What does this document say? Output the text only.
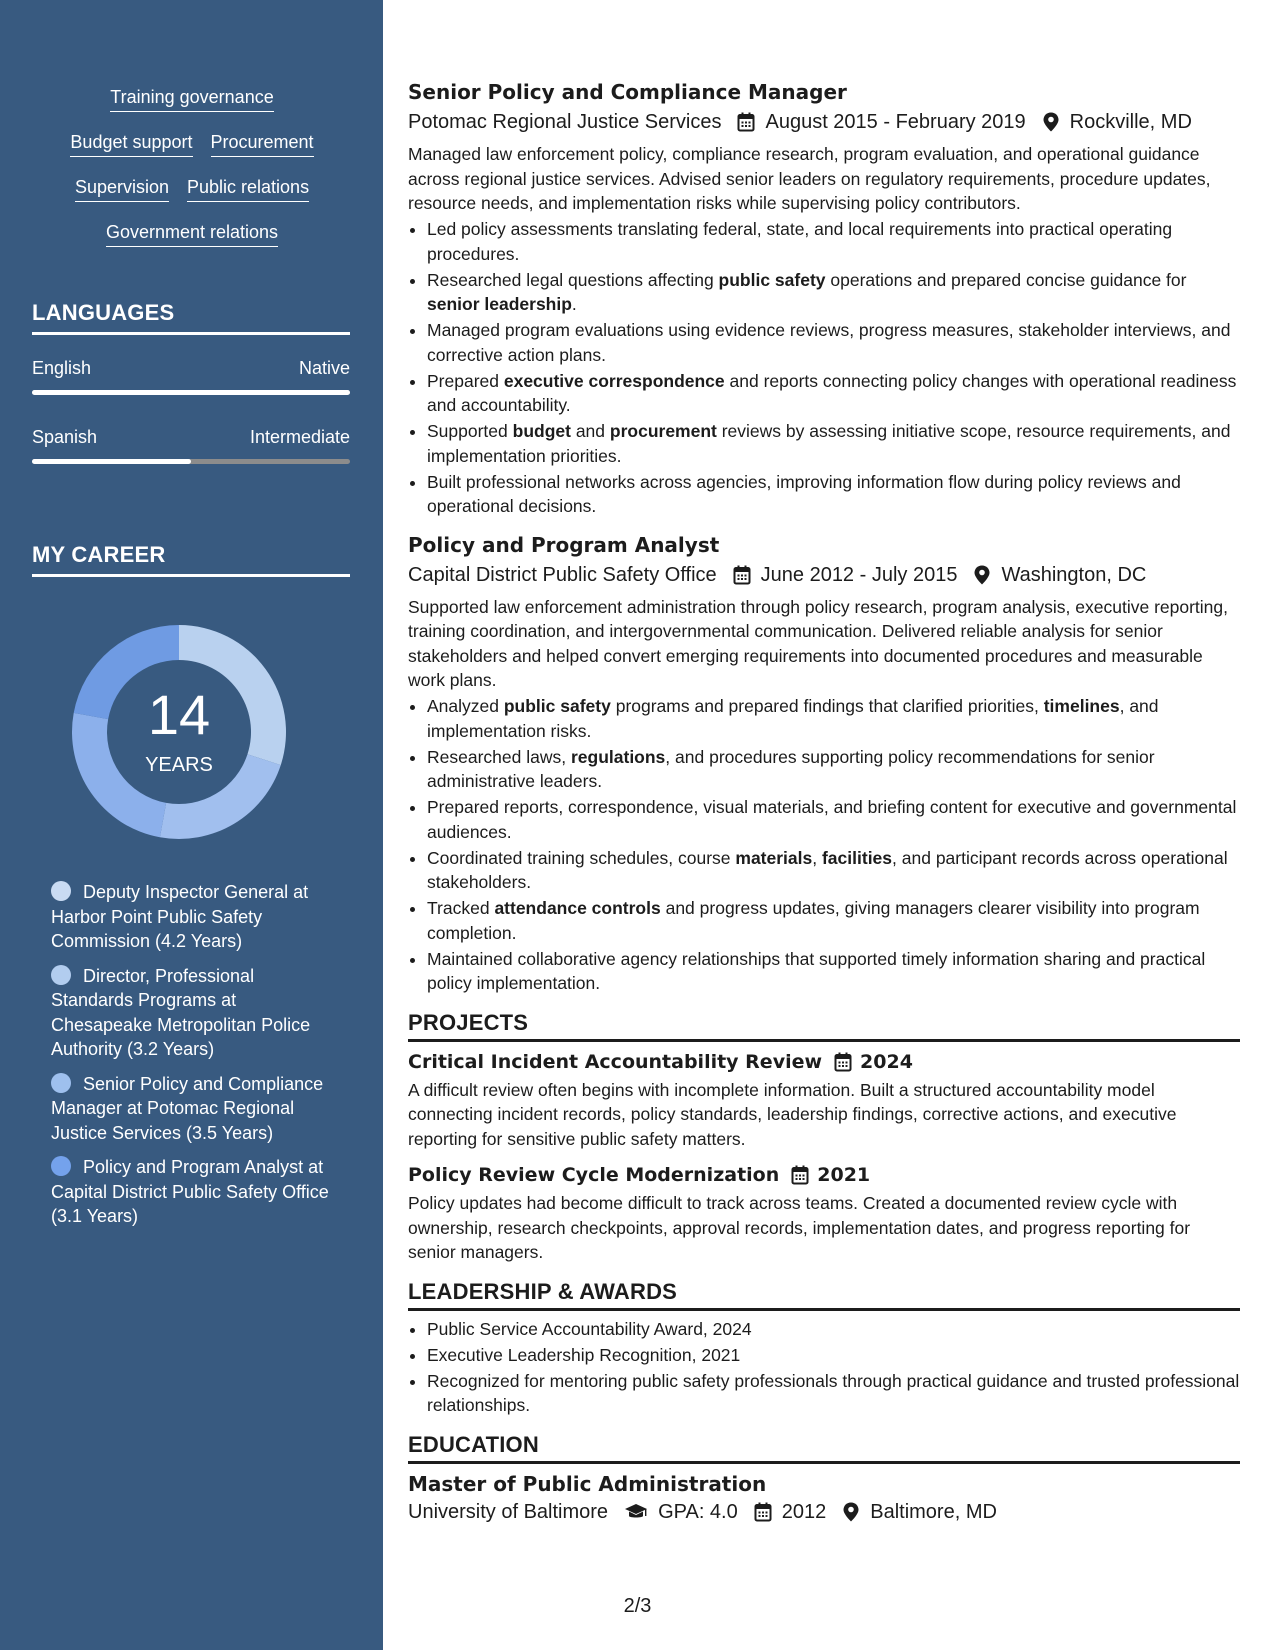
Training governance
Budget support Procurement
Supervision Public relations
Government relations
LANGUAGES
English	Native
Spanish	Intermediate
MY CAREER
14
YEARS
Deputy Inspector General at Harbor Point Public Safety Commission (4.2 Years)
Director, Professional Standards Programs at Chesapeake Metropolitan Police Authority (3.2 Years)
Senior Policy and Compliance Manager at Potomac Regional Justice Services (3.5 Years)
Policy and Program Analyst at Capital District Public Safety Office (3.1 Years)
Senior Policy and Compliance Manager
Potomac Regional Justice Services August 2015 - February 2019 Rockville, MD
Managed law enforcement policy, compliance research, program evaluation, and operational guidance across regional justice services. Advised senior leaders on regulatory requirements, procedure updates, resource needs, and implementation risks while supervising policy contributors.
• Led policy assessments translating federal, state, and local requirements into practical operating procedures.
• Researched legal questions affecting public safety operations and prepared concise guidance for senior leadership.
• Managed program evaluations using evidence reviews, progress measures, stakeholder interviews, and corrective action plans.
• Prepared executive correspondence and reports connecting policy changes with operational readiness and accountability.
• Supported budget and procurement reviews by assessing initiative scope, resource requirements, and implementation priorities.
• Built professional networks across agencies, improving information flow during policy reviews and operational decisions.
Policy and Program Analyst
Capital District Public Safety Office June 2012 - July 2015 Washington, DC
Supported law enforcement administration through policy research, program analysis, executive reporting, training coordination, and intergovernmental communication. Delivered reliable analysis for senior stakeholders and helped convert emerging requirements into documented procedures and measurable work plans.
• Analyzed public safety programs and prepared findings that clarified priorities, timelines, and implementation risks.
• Researched laws, regulations, and procedures supporting policy recommendations for senior administrative leaders.
• Prepared reports, correspondence, visual materials, and briefing content for executive and governmental audiences.
• Coordinated training schedules, course materials, facilities, and participant records across operational stakeholders.
• Tracked attendance controls and progress updates, giving managers clearer visibility into program completion.
• Maintained collaborative agency relationships that supported timely information sharing and practical policy implementation.
PROJECTS
Critical Incident Accountability Review 2024
A difficult review often begins with incomplete information. Built a structured accountability model connecting incident records, policy standards, leadership findings, corrective actions, and executive reporting for sensitive public safety matters.
Policy Review Cycle Modernization 2021
Policy updates had become difficult to track across teams. Created a documented review cycle with ownership, research checkpoints, approval records, implementation dates, and progress reporting for senior managers.
LEADERSHIP & AWARDS
• Public Service Accountability Award, 2024
• Executive Leadership Recognition, 2021
• Recognized for mentoring public safety professionals through practical guidance and trusted professional relationships.
EDUCATION
Master of Public Administration
University of Baltimore	GPA: 4.0 2012 Baltimore, MD
2/3
